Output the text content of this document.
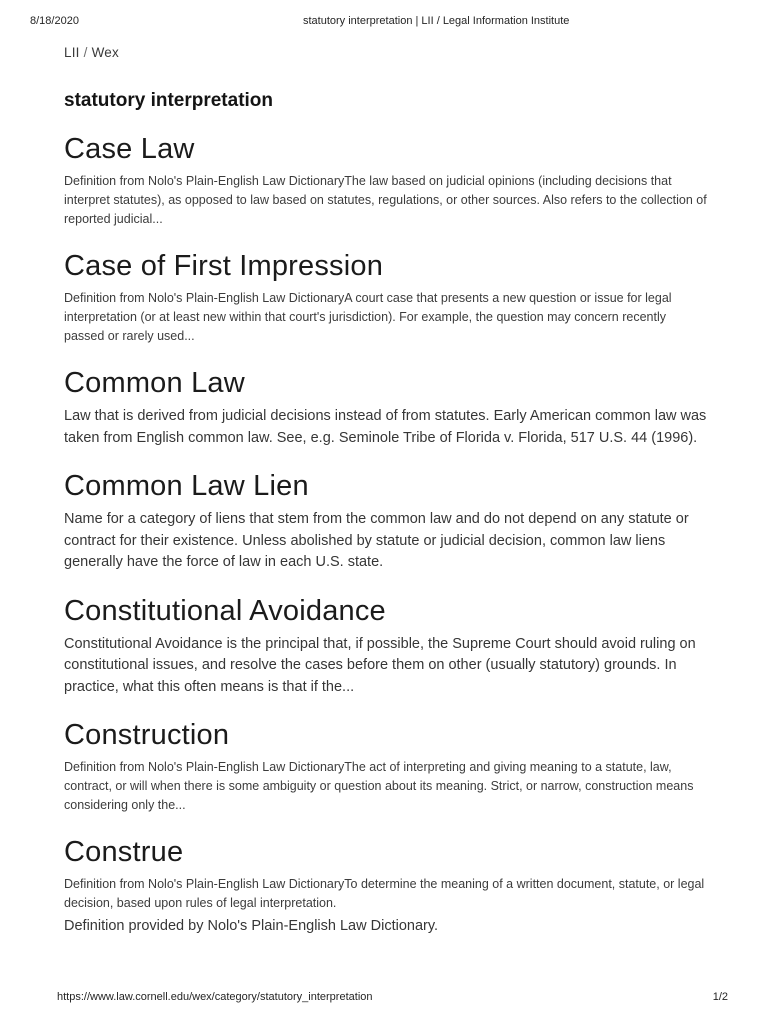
8/18/2020	statutory interpretation | LII / Legal Information Institute
LII / Wex
statutory interpretation
Case Law

Definition from Nolo's Plain-English Law DictionaryThe law based on judicial opinions (including decisions that interpret statutes), as opposed to law based on statutes, regulations, or other sources. Also refers to the collection of reported judicial...

Case of First Impression

Definition from Nolo's Plain-English Law DictionaryA court case that presents a new question or issue for legal interpretation (or at least new within that court's jurisdiction). For example, the question may concern recently passed or rarely used...

Common Law

Law that is derived from judicial decisions instead of from statutes. Early American common law was taken from English common law. See, e.g. Seminole Tribe of Florida v. Florida, 517 U.S. 44 (1996).

Common Law Lien

Name for a category of liens that stem from the common law and do not depend on any statute or contract for their existence. Unless abolished by statute or judicial decision, common law liens generally have the force of law in each U.S. state.

Constitutional Avoidance

Constitutional Avoidance is the principal that, if possible, the Supreme Court should avoid ruling on constitutional issues, and resolve the cases before them on other (usually statutory) grounds. In practice, what this often means is that if the...

Construction

Definition from Nolo's Plain-English Law DictionaryThe act of interpreting and giving meaning to a statute, law, contract, or will when there is some ambiguity or question about its meaning. Strict, or narrow, construction means considering only the...

Construe

Definition from Nolo's Plain-English Law DictionaryTo determine the meaning of a written document, statute, or legal decision, based upon rules of legal interpretation.

Definition provided by Nolo's Plain-English Law Dictionary.

https://www.law.cornell.edu/wex/category/statutory_interpretation	1/2
